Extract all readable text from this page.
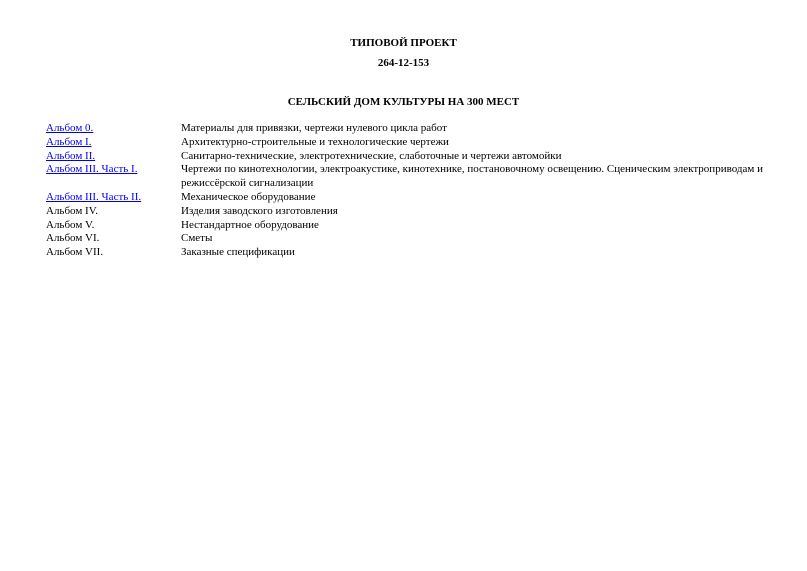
ТИПОВОЙ ПРОЕКТ
264-12-153
СЕЛЬСКИЙ ДОМ КУЛЬТУРЫ НА 300 МЕСТ
Альбом 0.	Материалы для привязки, чертежи нулевого цикла работ
Альбом I.	Архитектурно-строительные и технологические чертежи
Альбом II.	Санитарно-технические, электротехнические, слаботочные и чертежи автомойки
Альбом III. Часть I.	Чертежи по кинотехнологии, электроакустике, кинотехнике, постановочному освещению. Сценическим электроприводам и режиссёрской сигнализации
Альбом III. Часть II.	Механическое оборудование
Альбом IV.	Изделия заводского изготовления
Альбом V.	Нестандартное оборудование
Альбом VI.	Сметы
Альбом VII.	Заказные спецификации
